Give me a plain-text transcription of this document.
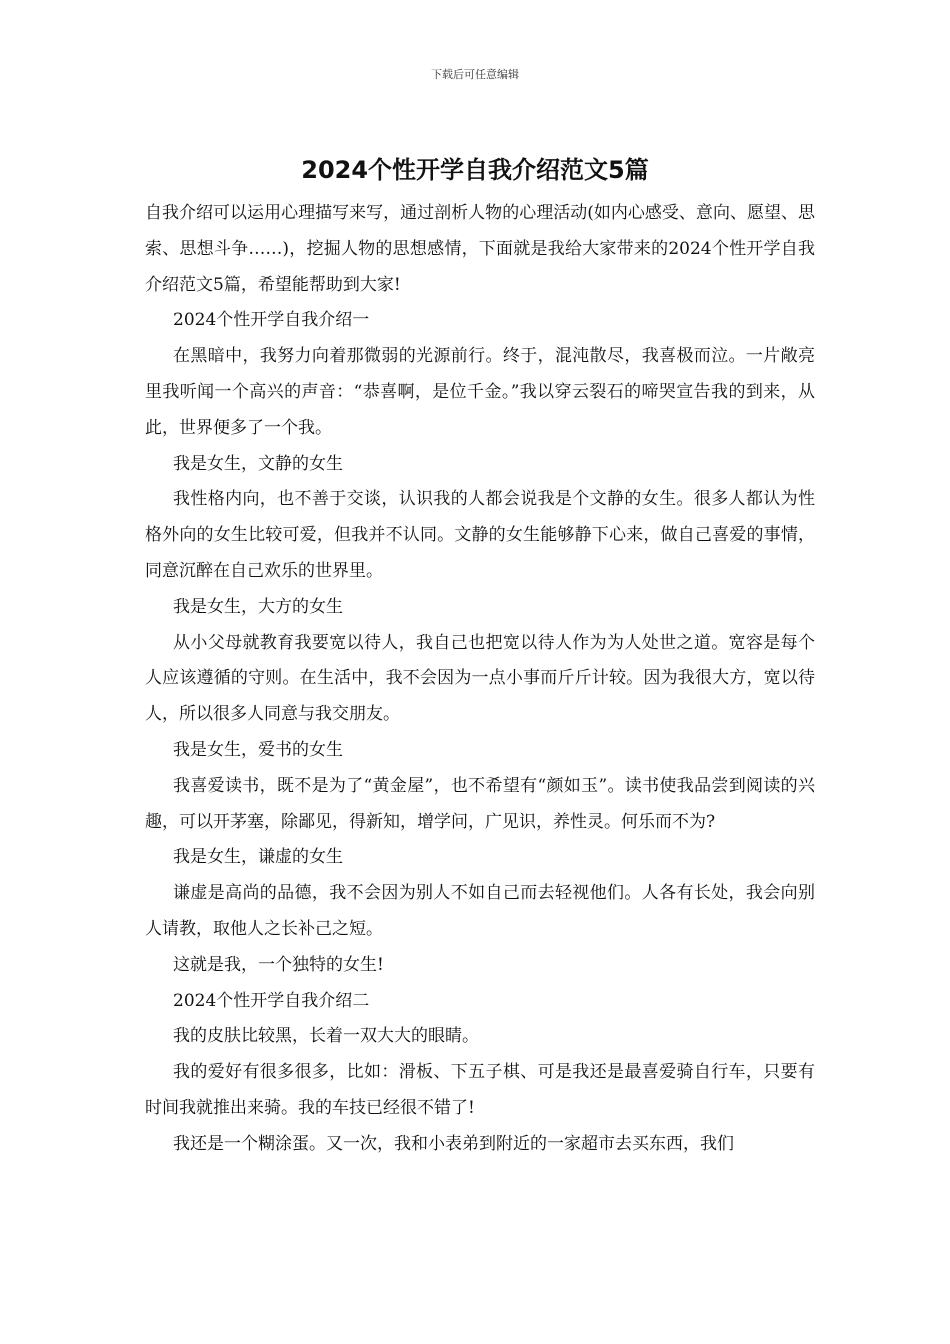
下载后可任意编辑
2024个性开学自我介绍范文5篇

自我介绍可以运用心理描写来写，通过剖析人物的心理活动(如内心感受、意向、愿望、思索、思想斗争……)，挖掘人物的思想感情，下面就是我给大家带来的2024个性开学自我介绍范文5篇，希望能帮助到大家!

2024个性开学自我介绍一

在黑暗中，我努力向着那微弱的光源前行。终于，混沌散尽，我喜极而泣。一片敞亮里我听闻一个高兴的声音：“恭喜啊，是位千金。”我以穿云裂石的啼哭宣告我的到来，从此，世界便多了一个我。

我是女生，文静的女生

我性格内向，也不善于交谈，认识我的人都会说我是个文静的女生。很多人都认为性格外向的女生比较可爱，但我并不认同。文静的女生能够静下心来，做自己喜爱的事情，同意沉醉在自己欢乐的世界里。

我是女生，大方的女生

从小父母就教育我要宽以待人，我自己也把宽以待人作为为人处世之道。宽容是每个人应该遵循的守则。在生活中，我不会因为一点小事而斤斤计较。因为我很大方，宽以待人，所以很多人同意与我交朋友。

我是女生，爱书的女生

我喜爱读书，既不是为了“黄金屋”，也不希望有“颜如玉”。读书使我品尝到阅读的兴趣，可以开茅塞，除鄙见，得新知，增学问，广见识，养性灵。何乐而不为?

我是女生，谦虚的女生

谦虚是高尚的品德，我不会因为别人不如自己而去轻视他们。人各有长处，我会向别人请教，取他人之长补己之短。

这就是我，一个独特的女生!

2024个性开学自我介绍二

我的皮肤比较黑，长着一双大大的眼睛。

我的爱好有很多很多，比如：滑板、下五子棋、可是我还是最喜爱骑自行车，只要有时间我就推出来骑。我的车技已经很不错了!

我还是一个糊涂蛋。又一次，我和小表弟到附近的一家超市去买东西，我们
